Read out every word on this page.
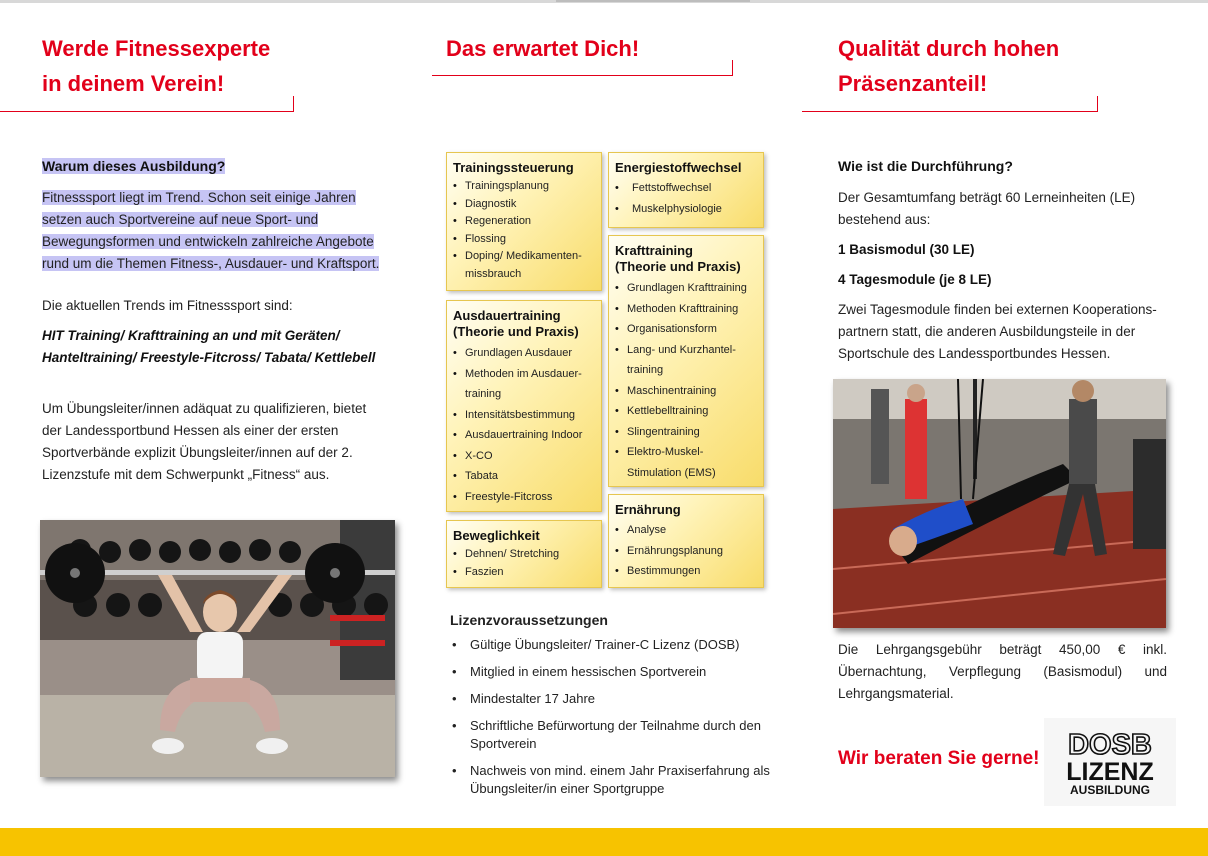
Werde Fitnessexperte
in deinem Verein!
Warum dieses Ausbildung?
Fitnesssport liegt im Trend. Schon seit einige Jahren
setzen auch Sportvereine auf neue Sport- und
Bewegungsformen und entwickeln zahlreiche Angebote
rund um die Themen Fitness-, Ausdauer- und Kraftsport.
Die aktuellen Trends im Fitnesssport sind:
HIT Training/ Krafttraining an und mit Geräten/
Hanteltraining/ Freestyle-Fitcross/ Tabata/ Kettlebell
Um Übungsleiter/innen adäquat zu qualifizieren, bietet
der Landessportbund Hessen als einer der ersten
Sportverbände explizit Übungsleiter/innen auf der 2.
Lizenzstufe mit dem Schwerpunkt „Fitness“ aus.
Das erwartet Dich!
Trainingssteuerung
• Trainingsplanung
• Diagnostik
• Regeneration
• Flossing
• Doping/ Medikamenten-
missbrauch
Ausdauertraining
(Theorie und Praxis)
• Grundlagen Ausdauer
• Methoden im Ausdauer-
training
• Intensitätsbestimmung
• Ausdauertraining Indoor
• X-CO
• Tabata
• Freestyle-Fitcross
Beweglichkeit
• Dehnen/ Stretching
• Faszien
Energiestoffwechsel
• Fettstoffwechsel
• Muskelphysiologie
Krafttraining
(Theorie und Praxis)
• Grundlagen Krafttraining
• Methoden Krafttraining
• Organisationsform
• Lang- und Kurzhantel-
training
• Maschinentraining
• Kettlebelltraining
• Slingentraining
• Elektro-Muskel-
Stimulation (EMS)
Ernährung
• Analyse
• Ernährungsplanung
• Bestimmungen
Lizenzvoraussetzungen
• Gültige Übungsleiter/ Trainer-C Lizenz (DOSB)
• Mitglied in einem hessischen Sportverein
• Mindestalter 17 Jahre
• Schriftliche Befürwortung der Teilnahme durch den Sportverein
• Nachweis von mind. einem Jahr Praxiserfahrung als Übungsleiter/in einer Sportgruppe
Qualität durch hohen
Präsenzanteil!
Wie ist die Durchführung?
Der Gesamtumfang beträgt 60 Lerneinheiten (LE)
bestehend aus:
1 Basismodul (30 LE)
4 Tagesmodule (je 8 LE)
Zwei Tagesmodule finden bei externen Kooperations-
partnern statt, die anderen Ausbildungsteile in der
Sportschule des Landessportbundes Hessen.
Die Lehrgangsgebühr beträgt 450,00 € inkl.
Übernachtung, Verpflegung (Basismodul) und
Lehrgangsmaterial.
Wir beraten Sie gerne! DOSB
LIZENZ
AUSBILDUNG
